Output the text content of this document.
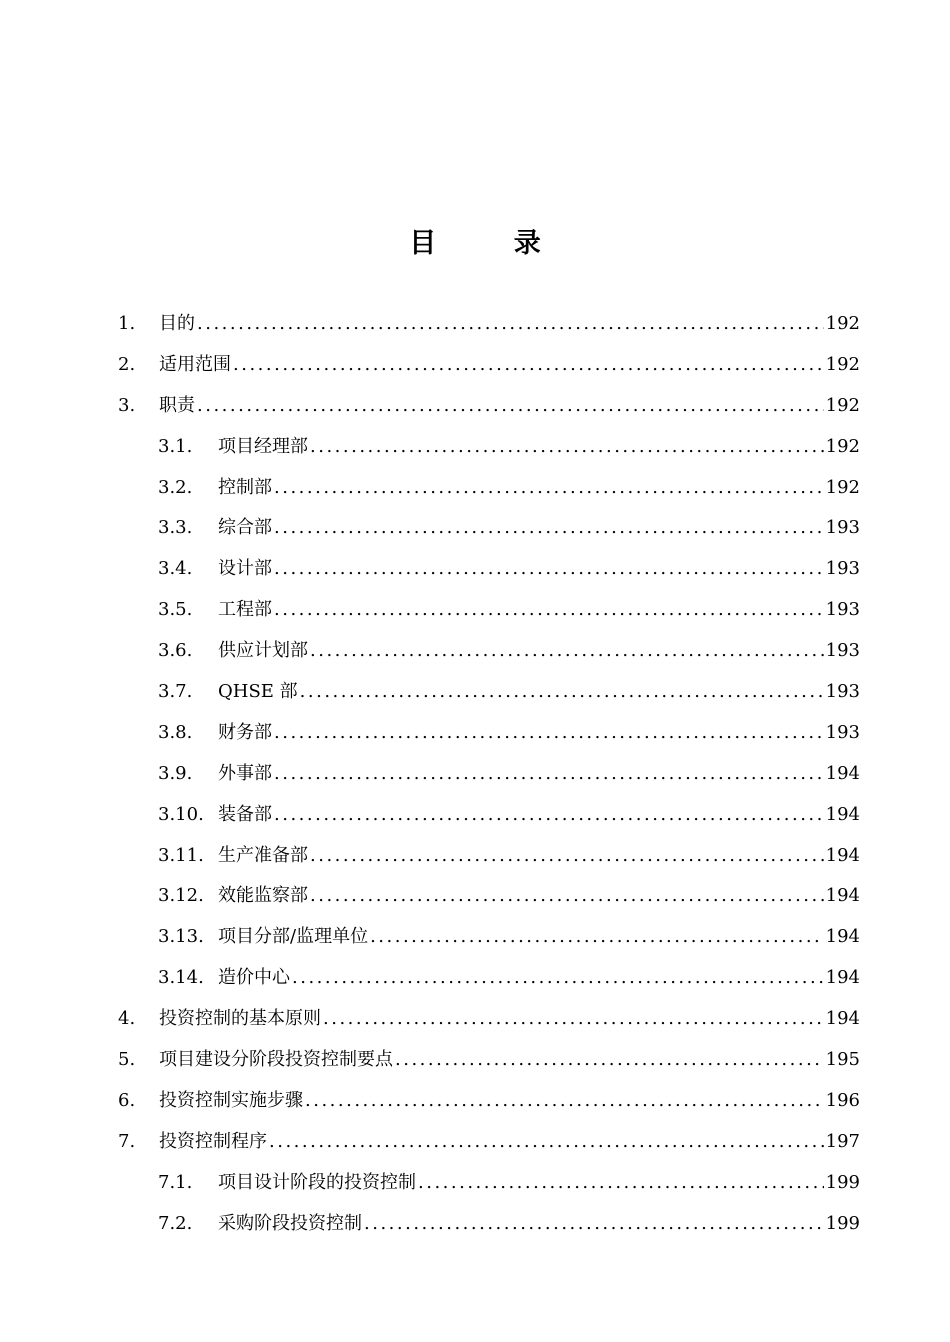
目 录
1.	目的 .....	192
2.	适用范围 .....	192
3.	职责 .....	192
3.1.	项目经理部 .....	192
3.2.	控制部 .....	192
3.3.	综合部 .....	193
3.4.	设计部 .....	193
3.5.	工程部 .....	193
3.6.	供应计划部 .....	193
3.7.	QHSE 部 .....	193
3.8.	财务部 .....	193
3.9.	外事部 .....	194
3.10. 装备部 .....	194
3.11. 生产准备部 .....	194
3.12. 效能监察部 .....	194
3.13. 项目分部/监理单位 .....	194
3.14. 造价中心 .....	194
4.	投资控制的基本原则 .....	194
5.	项目建设分阶段投资控制要点 .....	195
6.	投资控制实施步骤 .....	196
7.	投资控制程序 .....	197
7.1.	项目设计阶段的投资控制 .....	199
7.2.	采购阶段投资控制 .....	199
